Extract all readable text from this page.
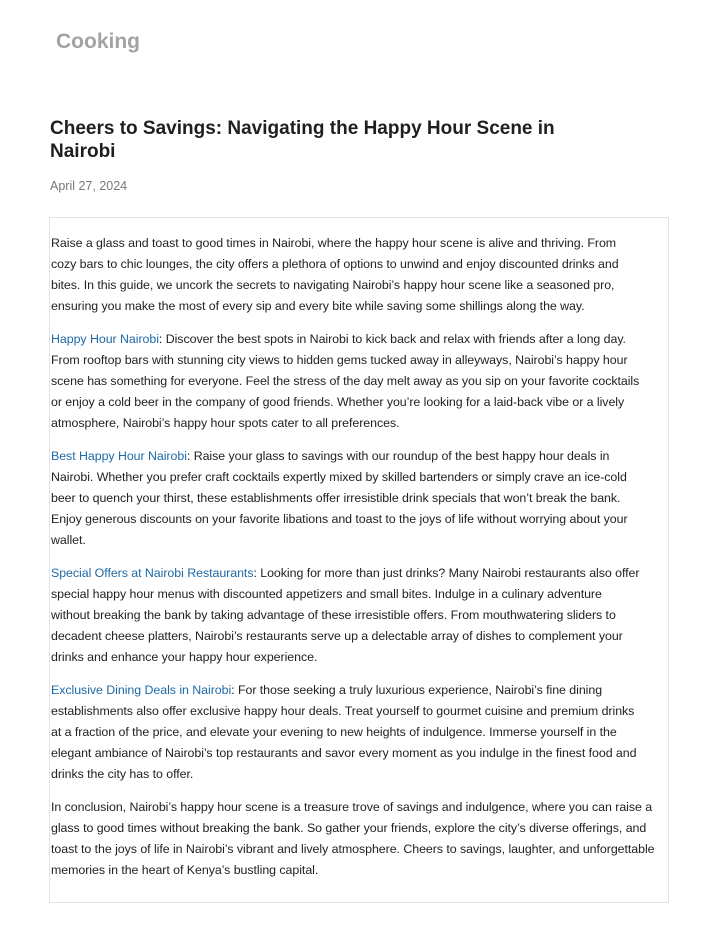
Cooking
Cheers to Savings: Navigating the Happy Hour Scene in
Nairobi
April 27, 2024

Raise a glass and toast to good times in Nairobi, where the happy hour scene is alive and thriving. From
cozy bars to chic lounges, the city offers a plethora of options to unwind and enjoy discounted drinks and
bites. In this guide, we uncork the secrets to navigating Nairobi’s happy hour scene like a seasoned pro,
ensuring you make the most of every sip and every bite while saving some shillings along the way.

Happy Hour Nairobi: Discover the best spots in Nairobi to kick back and relax with friends after a long day.
From rooftop bars with stunning city views to hidden gems tucked away in alleyways, Nairobi’s happy hour
scene has something for everyone. Feel the stress of the day melt away as you sip on your favorite cocktails
or enjoy a cold beer in the company of good friends. Whether you’re looking for a laid-back vibe or a lively
atmosphere, Nairobi’s happy hour spots cater to all preferences.

Best Happy Hour Nairobi: Raise your glass to savings with our roundup of the best happy hour deals in
Nairobi. Whether you prefer craft cocktails expertly mixed by skilled bartenders or simply crave an ice-cold
beer to quench your thirst, these establishments offer irresistible drink specials that won’t break the bank.
Enjoy generous discounts on your favorite libations and toast to the joys of life without worrying about your
wallet.

Special Offers at Nairobi Restaurants: Looking for more than just drinks? Many Nairobi restaurants also offer
special happy hour menus with discounted appetizers and small bites. Indulge in a culinary adventure
without breaking the bank by taking advantage of these irresistible offers. From mouthwatering sliders to
decadent cheese platters, Nairobi’s restaurants serve up a delectable array of dishes to complement your
drinks and enhance your happy hour experience.

Exclusive Dining Deals in Nairobi: For those seeking a truly luxurious experience, Nairobi’s fine dining
establishments also offer exclusive happy hour deals. Treat yourself to gourmet cuisine and premium drinks
at a fraction of the price, and elevate your evening to new heights of indulgence. Immerse yourself in the
elegant ambiance of Nairobi’s top restaurants and savor every moment as you indulge in the finest food and
drinks the city has to offer.

In conclusion, Nairobi’s happy hour scene is a treasure trove of savings and indulgence, where you can raise a
glass to good times without breaking the bank. So gather your friends, explore the city’s diverse offerings, and
toast to the joys of life in Nairobi’s vibrant and lively atmosphere. Cheers to savings, laughter, and unforgettable
memories in the heart of Kenya’s bustling capital.
